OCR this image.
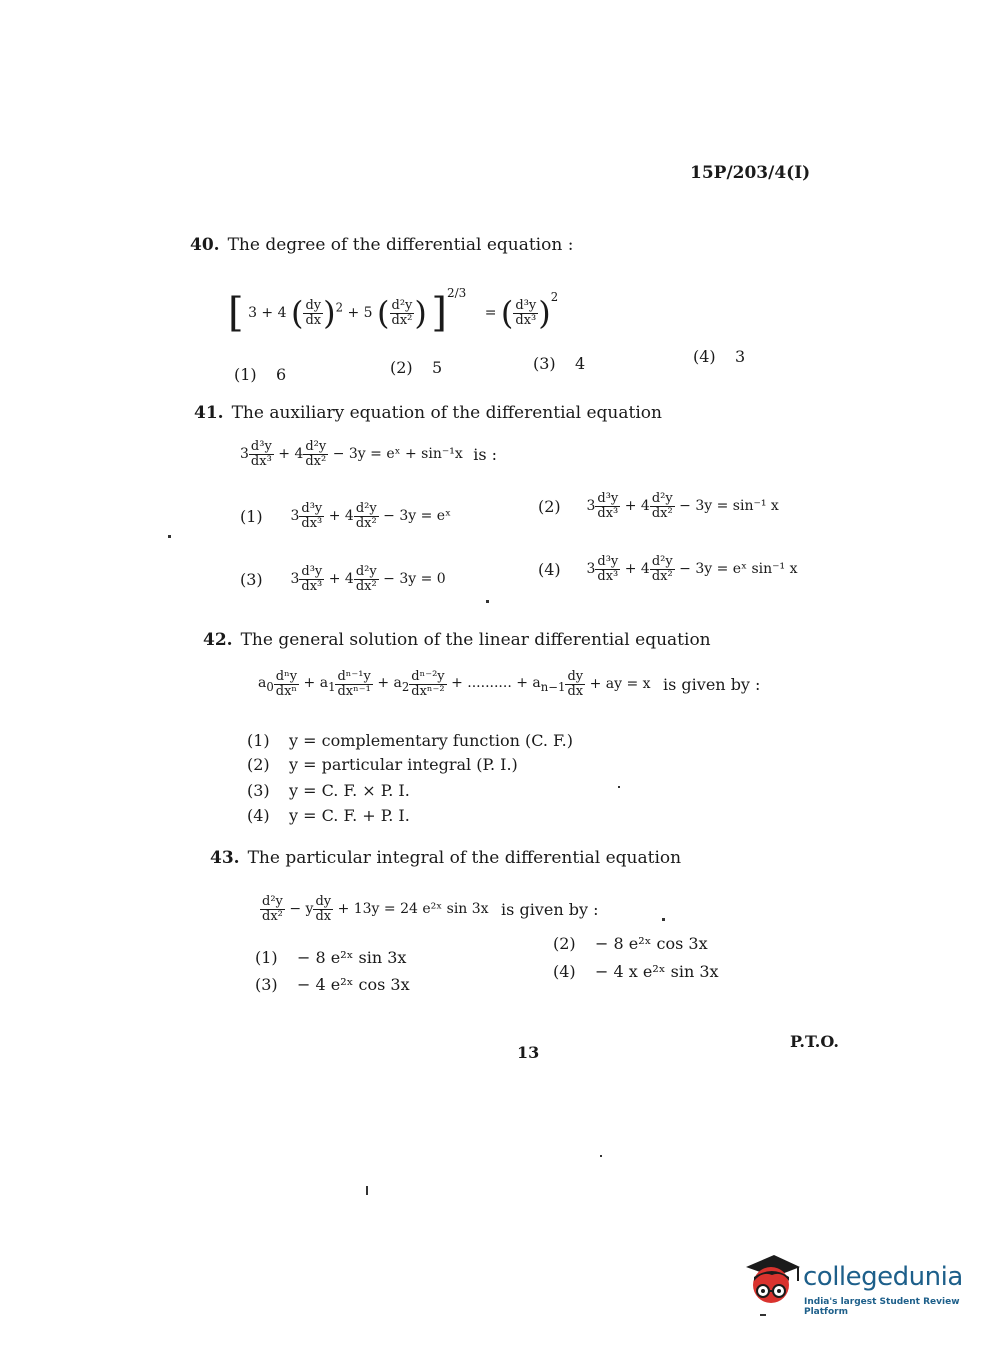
15P/203/4(I)
40. The degree of the differential equation :
[ 3 + 4 ( $\frac{dy}{dx} )^2 + 5$ ( $\frac{\text{d²y}}{\text{dx²}}$ ) ]$^{2/3}$ = ( $\frac{\text{d³y}}{\text{dx³}} )^2$
(1) 6	(2) 5	(3) 4	(4) 3
41. The auxiliary equation of the differential equation
$3 \frac{\text{d³y}}{\text{dx³}} + 4 \frac{\text{d²y}}{\text{dx²}} - 3y$ = eˣ + sin⁻¹x is :
(1) $3 \frac{\text{d³y}}{\text{dx³}} + 4 \frac{\text{d²y}}{\text{dx²}} - 3y$ = eˣ
(2) $3 \frac{\text{d³y}}{\text{dx³}} + 4 \frac{\text{d²y}}{\text{dx²}} - 3y = \sin^{-1}$ x
(3) $3 \frac{\text{d³y}}{\text{dx³}} + 4 \frac{\text{d²y}}{\text{dx²}} - 3y = 0$
(4) $3 \frac{\text{d³y}}{\text{dx³}} + 4 \frac{\text{d²y}}{\text{dx²}} - 3y$ = eˣ sin⁻¹ x
42. The general solution of the linear differential equation
$a_0$
dⁿy
dxⁿ
+ $a_1$
dⁿ⁻¹y
dxⁿ⁻¹
+ $a_2$
dⁿ⁻²y
dxⁿ⁻²
+ .......... + $a_{n-1} \frac{dy}{dx}$ + ay = x is given by :
(1) y = complementary function (C. F.)
(2) y = particular integral (P. I.)
(3) y = C. F. × P. I.
(4) y = C. F. + P. I.
43. The particular integral of the differential equation
$\frac{\text{d²y}}{\text{dx²}} - y \frac{dy}{dx} + 13y = 24$ e²ˣ sin 3x is given by :
(1) − 8 e²ˣ sin 3x
(2) − 8 e²ˣ cos 3x
(3) − 4 e²ˣ cos 3x
(4) − 4 x e²ˣ sin 3x
13
P.T.O.
collegedunia
India's largest Student Review Platform
